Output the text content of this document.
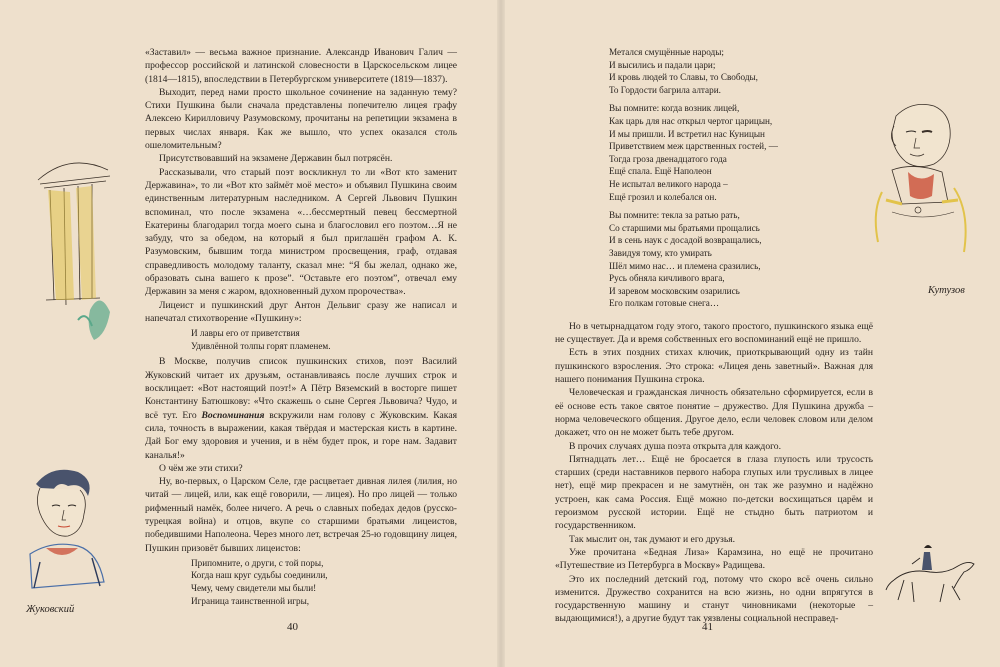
«Заставил» — весьма важное признание. Александр Иванович Галич — профессор российской и латинской словесности в Царскосельском лицее (1814—1815), впоследствии в Петербургском университете (1819—1837).

Выходит, перед нами просто школьное сочинение на заданную тему? Стихи Пушкина были сначала представлены попечителю лицея графу Алексею Кирилловичу Разумовскому, прочитаны на репетиции экзамена в первых числах января. Как же вышло, что успех оказался столь ошеломительным?

Присутствовавший на экзамене Державин был потрясён.

Рассказывали, что старый поэт воскликнул то ли «Вот кто заменит Державина», то ли «Вот кто займёт моё место» и объявил Пушкина своим единственным литературным наследником. А Сергей Львович Пушкин вспоминал, что после экзамена «…бессмертный певец бессмертной Екатерины благодарил тогда моего сына и благословил его поэтом…Я не забуду, что за обедом, на который я был приглашён графом А. К. Разумовским, бывшим тогда министром просвещения, граф, отдавая справедливость молодому таланту, сказал мне: “Я бы желал, однако же, образовать сына вашего к прозе”. “Оставьте его поэтом”, отвечал ему Державин за меня с жаром, вдохновенный духом пророчества».

Лицеист и пушкинский друг Антон Дельвиг сразу же написал и напечатал стихотворение «Пушкину»:

И лавры его от приветствия
Удивлённой толпы горят пламенем.

В Москве, получив список пушкинских стихов, поэт Василий Жуковский читает их друзьям, останавливаясь после лучших строк и восклицает: «Вот настоящий поэт!» А Пётр Вяземский в восторге пишет Константину Батюшкову: «Что скажешь о сыне Сергея Львовича? Чудо, и всё тут. Его Воспоминания вскружили нам голову с Жуковским. Какая сила, точность в выражении, какая твёрдая и мастерская кисть в картине. Дай Бог ему здоровия и учения, и в нём будет прок, и горе нам. Задавит каналья!»

О чём же эти стихи?

Ну, во-первых, о Царском Селе, где расцветает дивная лилея (лилия, но читай — лицей, или, как ещё говорили, — лицея). Но про лицей — только рифменный намёк, более ничего. А речь о славных победах дедов (русско-турецкая война) и отцов, вкупе со старшими братьями лицеистов, победившими Наполеона. Через много лет, встречая 25-ю годовщину лицея, Пушкин призовёт бывших лицеистов:

Припомните, о други, с той поры,
Когда наш круг судьбы соединили,
Чему, чему свидетели мы были!
Играница таинственной игры,
Жуковский
40
Метался смущённые народы;
И высились и падали цари;
И кровь людей то Славы, то Свободы,
То Гордости багрила алтари.
Вы помните: когда возник лицей,
Как царь для нас открыл чертог царицын,
И мы пришли. И встретил нас Куницын
Приветствием меж царственных гостей, —
Тогда гроза двенадцатого года
Ещё спала. Ещё Наполеон
Не испытал великого народа –
Ещё грозил и колебался он.
Вы помните: текла за ратью рать,
Со старшими мы братьями прощались
И в сень наук с досадой возвращались,
Завидуя тому, кто умирать
Шёл мимо нас… и племена сразились,
Русь обняла кичливого врага,
И заревом московским озарились
Его полкам готовые снега…

Но в четырнадцатом году этого, такого простого, пушкинского языка ещё не существует. Да и время собственных его воспоминаний ещё не пришло.

Есть в этих поздних стихах ключик, приоткрывающий одну из тайн пушкинского взросления. Это строка: «Лицея день заветный». Важная для нашего понимания Пушкина строка.

Человеческая и гражданская личность обязательно сформируется, если в её основе есть такое святое понятие – дружество. Для Пушкина дружба – норма человеческого общения. Другое дело, если человек словом или делом докажет, что он не может быть тебе другом.

В прочих случаях душа поэта открыта для каждого.

Пятнадцать лет… Ещё не бросается в глаза глупость или трусость старших (среди наставников первого набора глупых или трусливых в лицее нет), ещё мир прекрасен и не замутнён, он так же разумно и надёжно устроен, как сама Россия. Ещё можно по-детски восхищаться царём и героизмом русской истории. Ещё не стыдно быть патриотом и государственником.

Так мыслит он, так думают и его друзья.

Уже прочитана «Бедная Лиза» Карамзина, но ещё не прочитано «Путешествие из Петербурга в Москву» Радищева.

Это их последний детский год, потому что скоро всё очень сильно изменится. Дружество сохранится на всю жизнь, но одни впрягутся в государственную машину и станут чиновниками (некоторые – выдающимися!), а другие будут так уязвлены социальной несправед-

Кутузов
41
